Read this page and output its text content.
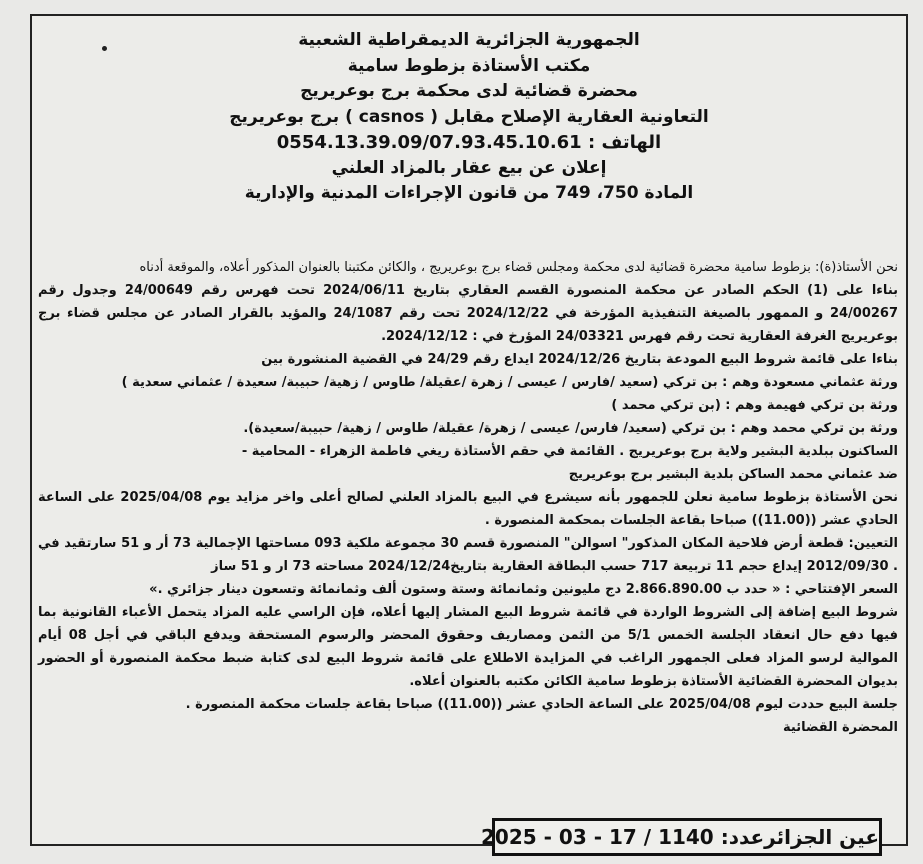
الجمهورية الجزائرية الديمقراطية الشعبية
مكتب الأستاذة بزطوط سامية
محضرة قضائية لدى محكمة برج بوعريريج
التعاونية العقارية الإصلاح مقابل ( casnos ) برج بوعريريج
الهاتف : 0554.13.39.09/07.93.45.10.61
إعلان عن بيع عقار بالمزاد العلني
المادة 750، 749 من قانون الإجراءات المدنية والإدارية

نحن الأستاذ(ة): بزطوط سامية محضرة قضائية لدى محكمة ومجلس قضاء برج بوعريريج ، والكائن مكتبنا بالعنوان المذكور أعلاه، والموقعة أدناه

بناءا على (1) الحكم الصادر عن محكمة المنصورة القسم العقاري بتاريخ 2024/06/11 تحت فهرس رقم 24/00649 وجدول رقم 24/00267 و الممهور بالصيغة التنفيذية المؤرخة في 2024/12/22 تحت رقم 24/1087 والمؤيد بالقرار الصادر عن مجلس قضاء برج بوعريريج الغرفة العقارية تحت رقم فهرس 24/03321 المؤرخ في : 2024/12/12.

بناءا على قائمة شروط البيع المودعة بتاريخ 2024/12/26 ايداع رقم 24/29 في القضية المنشورة بين

ورثة عثماني مسعودة وهم : بن تركي (سعيد /فارس / عيسى / زهرة /عقيلة/ طاوس / زهية/ حبيبة/ سعيدة / عثماني سعدية )

ورثة بن تركي فهيمة وهم : (بن تركي محمد )

ورثة بن تركي محمد وهم : بن تركي (سعيد/ فارس/ عيسى / زهرة/ عقيلة/ طاوس / زهية/ حبيبة/سعيدة).

الساكنون ببلدية البشير ولاية برج بوعريريج . القائمة في حقم الأستاذة ريغي فاطمة الزهراء - المحامية -

ضد عثماني محمد الساكن بلدية البشير برج بوعريريج

نحن الأستاذة بزطوط سامية نعلن للجمهور بأنه سيشرع في البيع بالمزاد العلني لصالح أعلى واخر مزايد يوم 2025/04/08 على الساعة الحادي عشر ((11.00)) صباحا بقاعة الجلسات بمحكمة المنصورة .

التعيين: قطعة أرض فلاحية المكان المذكور" اسوالن" المنصورة قسم 30 مجموعة ملكية 093 مساحتها الإجمالية 73 أر و 51 سارتقيد في . 2012/09/30 إيداع حجم 11 تربيعة 717 حسب البطاقة العقارية بتاريخ2024/12/24 مساحته 73 ار و 51 ساز

السعر الإفتتاحي : « حدد ب 2.866.890.00 دج مليونين وثمانمائة وستة وستون ألف وثمانمائة وتسعون دينار جزائري .»

شروط البيع إضافة إلى الشروط الواردة في قائمة شروط البيع المشار إليها أعلاه، فإن الراسي عليه المزاد يتحمل الأعباء القانونية بما فيها دفع حال انعقاد الجلسة الخمس 5/1 من الثمن ومصاريف وحقوق المحضر والرسوم المستحقة ويدفع الباقي في أجل 08 أيام الموالية لرسو المزاد فعلى الجمهور الراغب في المزايدة الاطلاع على قائمة شروط البيع لدى كتابة ضبط محكمة المنصورة أو الحضور بديوان المحضرة القضائية الأستاذة بزطوط سامية الكائن مكتبه بالعنوان أعلاه.

جلسة البيع حددت ليوم 2025/04/08 على الساعة الحادي عشر ((11.00)) صباحا بقاعة جلسات محكمة المنصورة .

المحضرة القضائية

عين الجزائرعدد: 1140 / 17 - 03 - 2025
